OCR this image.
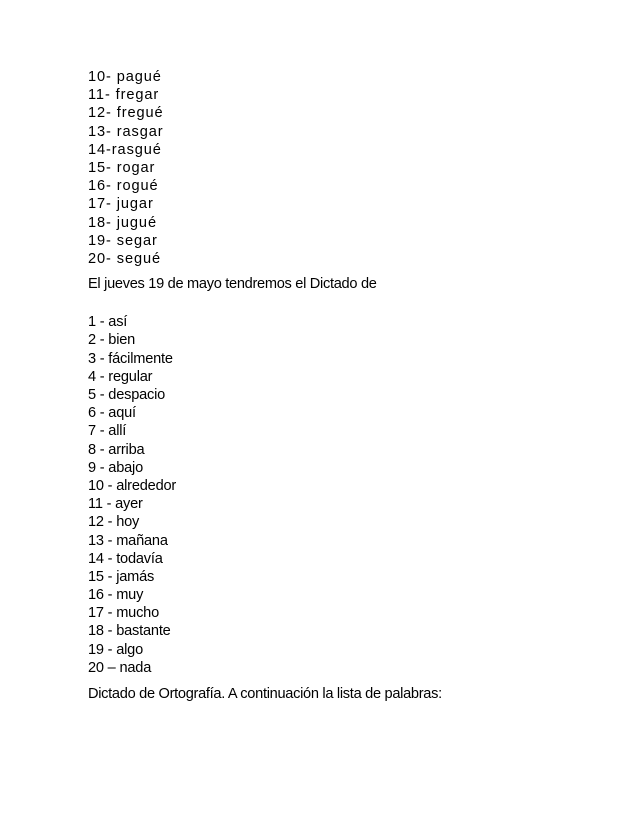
10- pagué
11- fregar
12- fregué
13- rasgar
14-rasgué
15- rogar
16- rogué
17- jugar
18- jugué
19- segar
20- segué

El jueves 19 de mayo tendremos el Dictado de

1 - así
2 - bien
3 - fácilmente
4 - regular
5 - despacio
6 - aquí
7 - allí
8 - arriba
9 - abajo
10 - alrededor
11 - ayer
12 - hoy
13 - mañana
14 - todavía
15 - jamás
16 - muy
17 - mucho
18 - bastante
19 - algo
20 – nada

Dictado de Ortografía. A continuación la lista de palabras:
